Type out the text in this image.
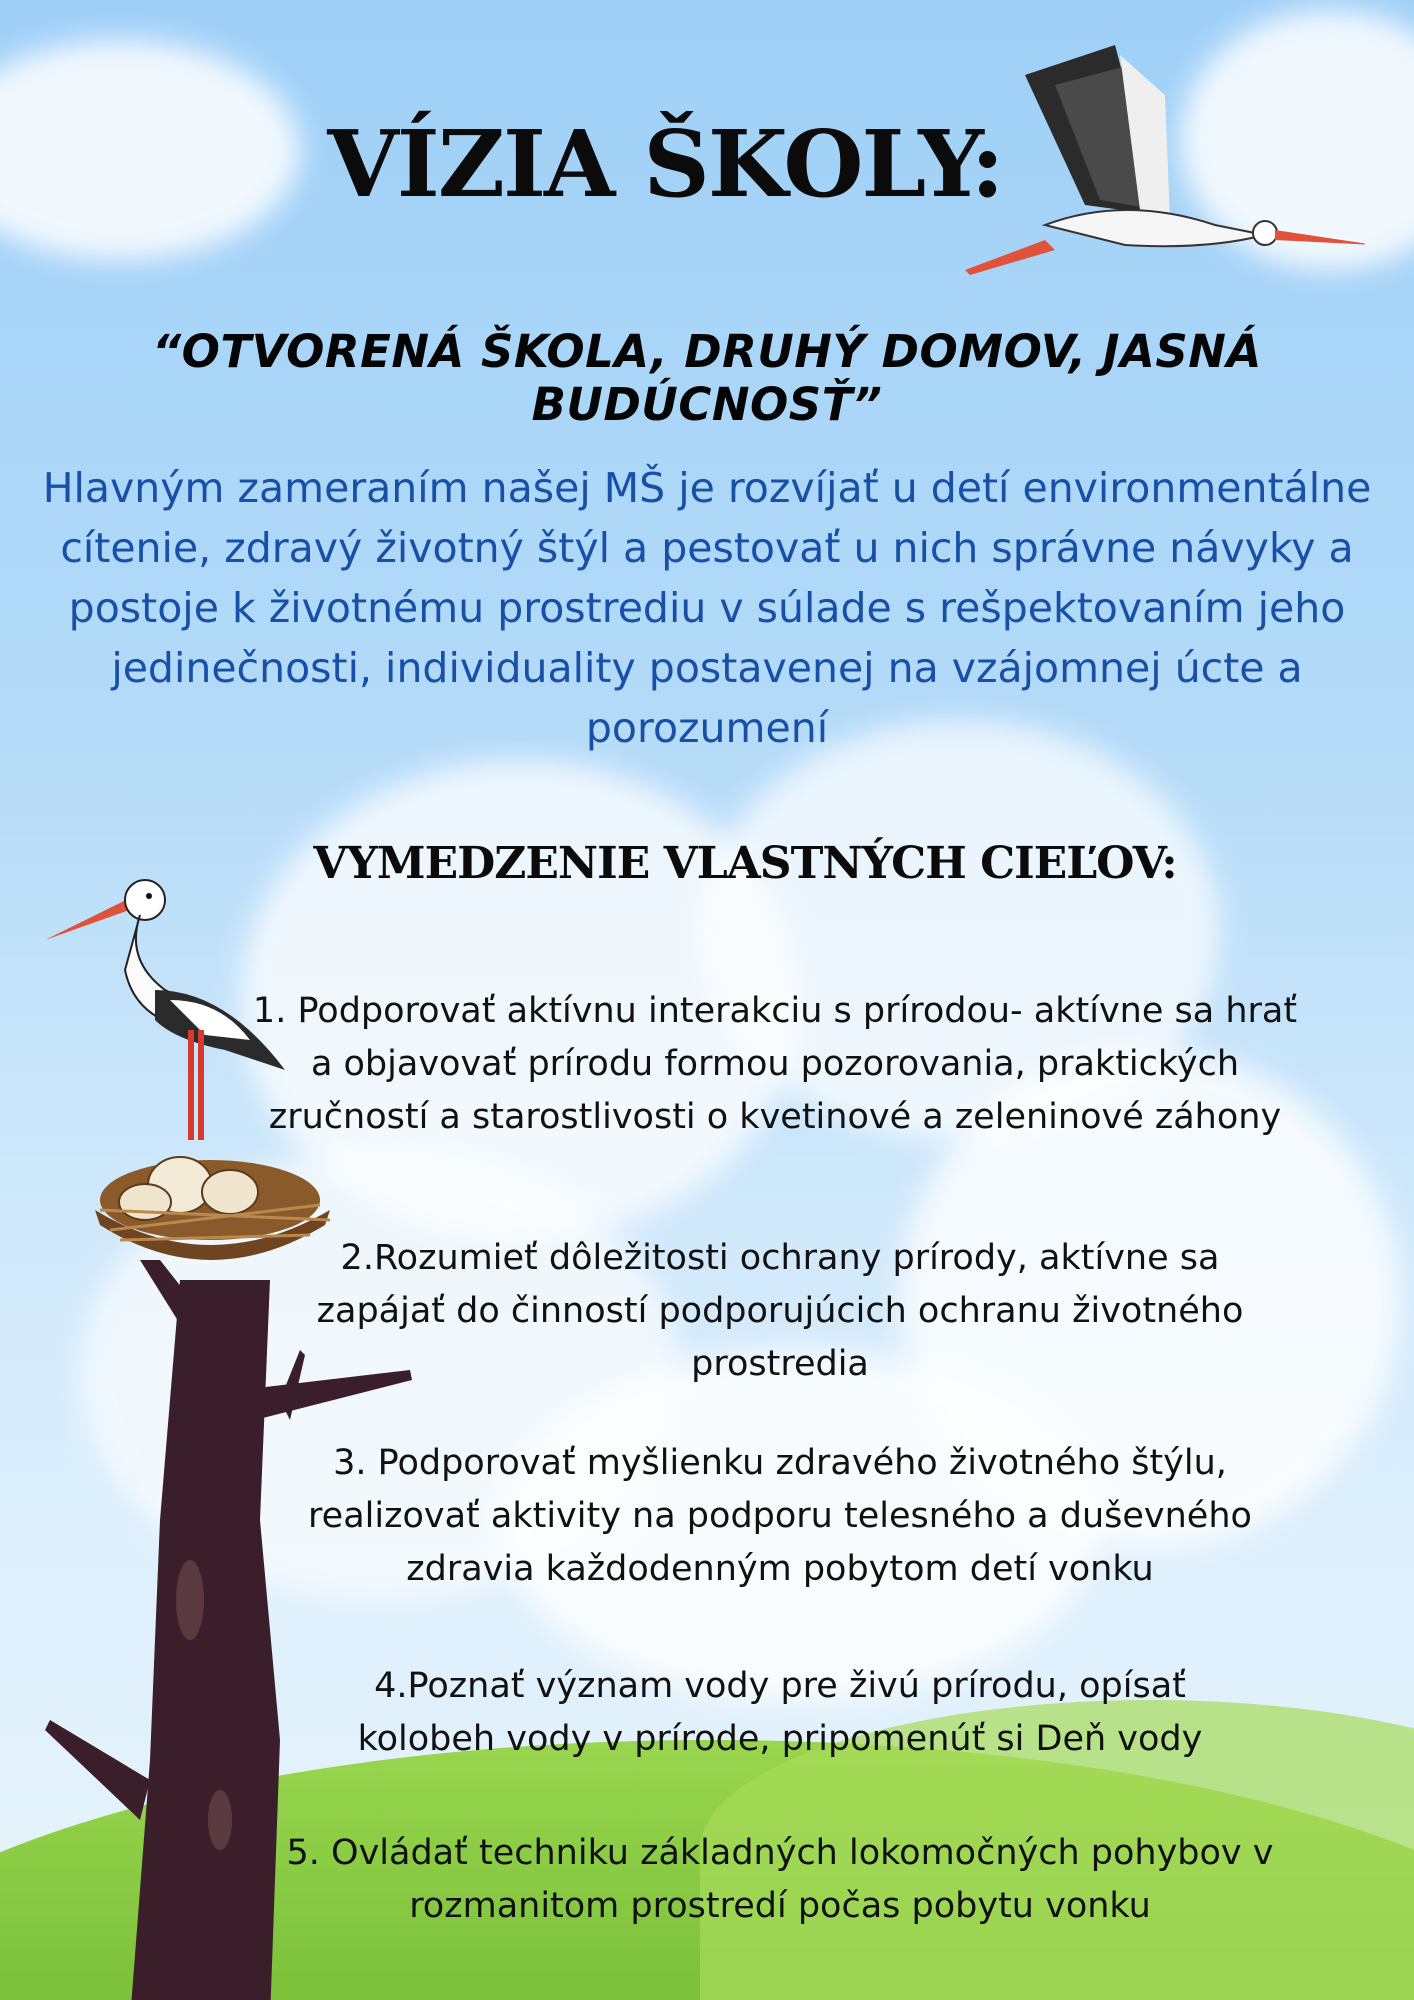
VÍZIA ŠKOLY:
“OTVORENÁ ŠKOLA, DRUHÝ DOMOV, JASNÁ BUDÚCNOSŤ”

Hlavným zameraním našej MŠ je rozvíjať u detí environmentálne cítenie, zdravý životný štýl a pestovať u nich správne návyky a postoje k životnému prostrediu v súlade s rešpektovaním jeho jedinečnosti, individuality postavenej na vzájomnej úcte a porozumení

VYMEDZENIE VLASTNÝCH CIEĽOV:

1. Podporovať aktívnu interakciu s prírodou- aktívne sa hrať a objavovať prírodu formou pozorovania, praktických zručností a starostlivosti o kvetinové a zeleninové záhony

2.Rozumieť dôležitosti ochrany prírody, aktívne sa zapájať do činností podporujúcich ochranu životného prostredia

3. Podporovať myšlienku zdravého životného štýlu, realizovať aktivity na podporu telesného a duševného zdravia každodenným pobytom detí vonku

4.Poznať význam vody pre živú prírodu, opísať kolobeh vody v prírode, pripomenúť si Deň vody

5. Ovládať techniku základných lokomočných pohybov v rozmanitom prostredí počas pobytu vonku
